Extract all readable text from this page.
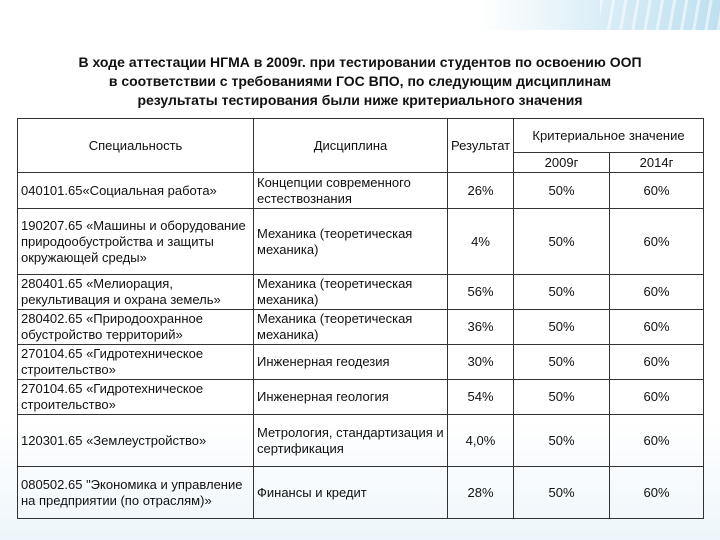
В ходе аттестации НГМА в 2009г. при тестировании студентов по освоению ООП
в соответствии с требованиями ГОС ВПО, по следующим дисциплинам
результаты тестирования были ниже критериального значения
Специальность	Дисциплина	Результат	Критериальное значение	
			2009г	2014г
040101.65«Социальная работа»	Концепции современного естествознания	26%	50%	60%
190207.65 «Машины и оборудование природообустройства и защиты окружающей среды»	Механика (теоретическая механика)	4%	50%	60%
280401.65 «Мелиорация, рекультивация и охрана земель»	Механика (теоретическая механика)	56%	50%	60%
280402.65 «Природоохранное обустройство территорий»	Механика (теоретическая механика)	36%	50%	60%
270104.65 «Гидротехническое строительство»	Инженерная геодезия	30%	50%	60%
270104.65 «Гидротехническое строительство»	Инженерная геология	54%	50%	60%
120301.65 «Землеустройство»	Метрология, стандартизация и сертификация	4,0%	50%	60%
080502.65 "Экономика и управление на предприятии (по отраслям)»	Финансы и кредит	28%	50%	60%
